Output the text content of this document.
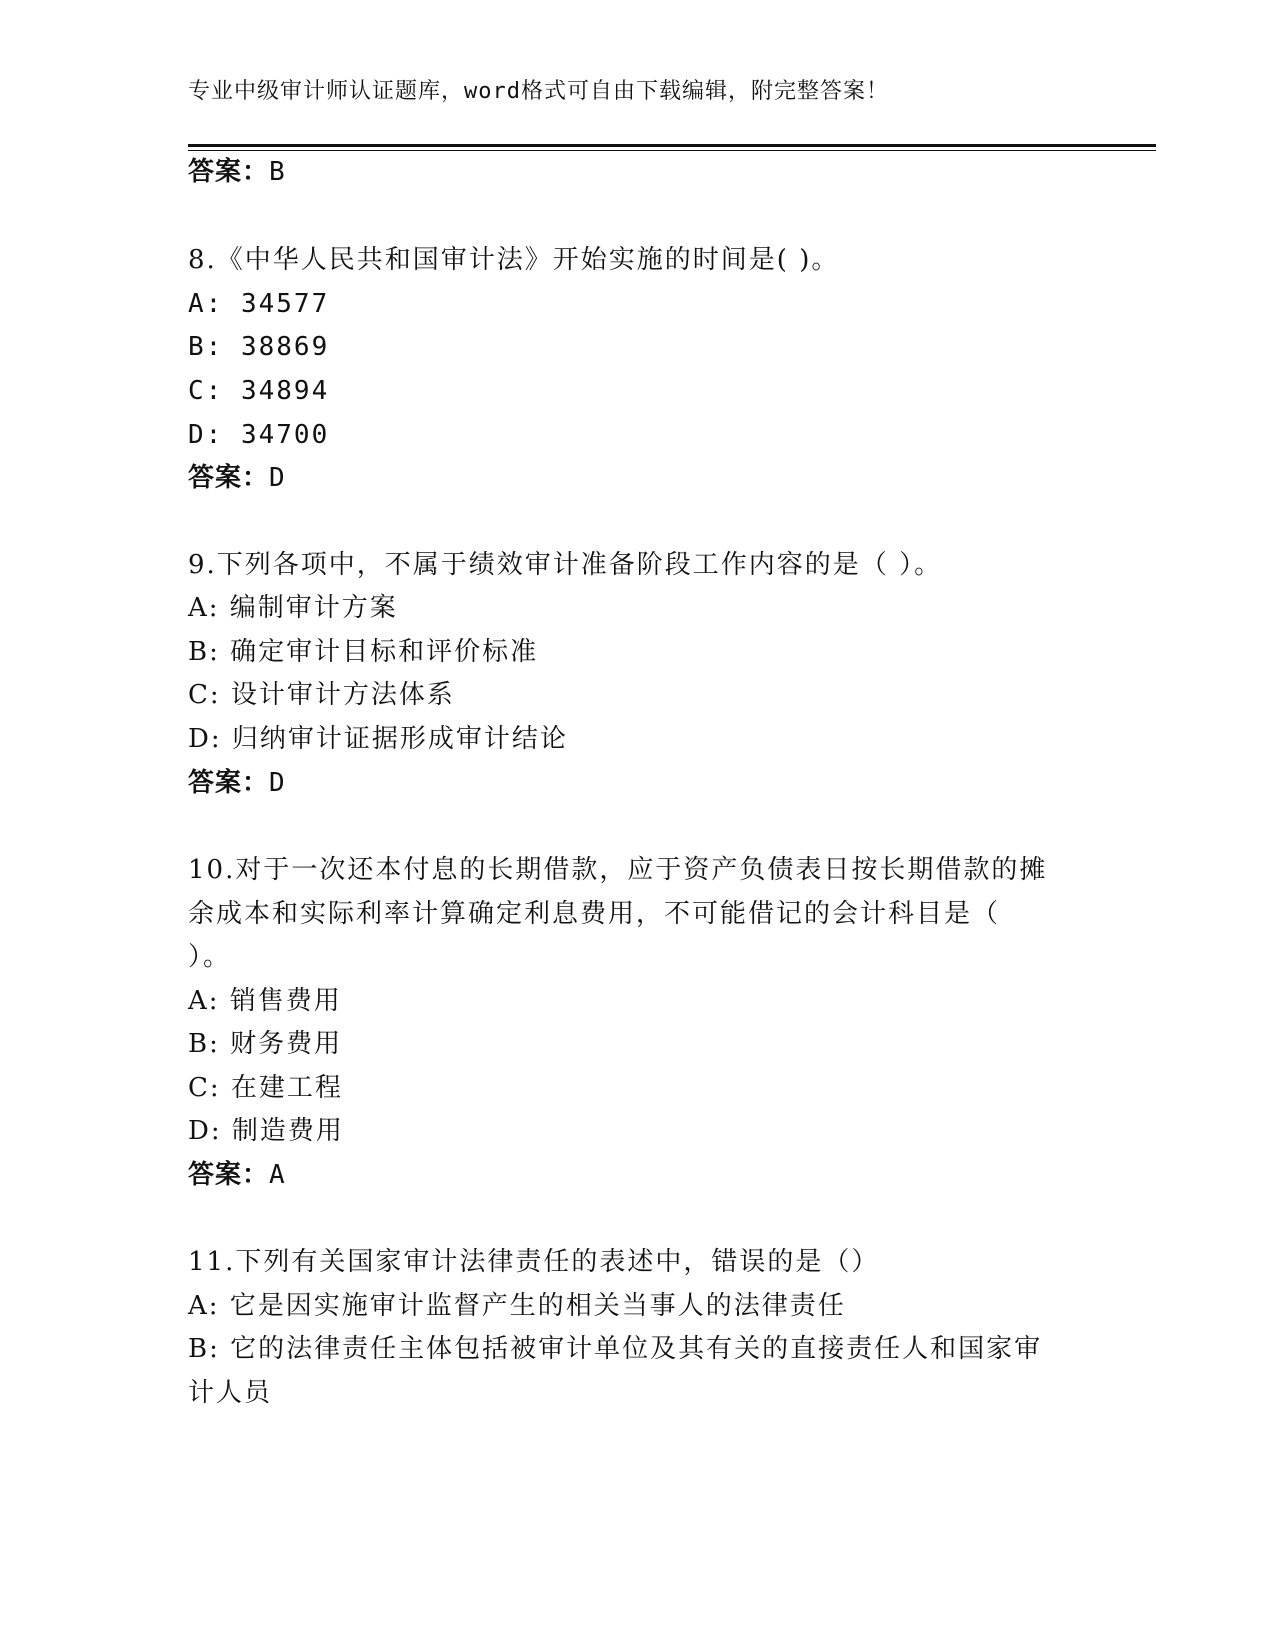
专业中级审计师认证题库，word格式可自由下载编辑，附完整答案！
答案：B
8.《中华人民共和国审计法》开始实施的时间是( )。
A: 34577
B: 38869
C: 34894
D: 34700
答案：D
9.下列各项中，不属于绩效审计准备阶段工作内容的是（ ）。
A: 编制审计方案
B: 确定审计目标和评价标准
C: 设计审计方法体系
D: 归纳审计证据形成审计结论
答案：D
10.对于一次还本付息的长期借款，应于资产负债表日按长期借款的摊
余成本和实际利率计算确定利息费用，不可能借记的会计科目是（
）。
A: 销售费用
B: 财务费用
C: 在建工程
D: 制造费用
答案：A
11.下列有关国家审计法律责任的表述中，错误的是（）
A: 它是因实施审计监督产生的相关当事人的法律责任
B: 它的法律责任主体包括被审计单位及其有关的直接责任人和国家审
计人员
